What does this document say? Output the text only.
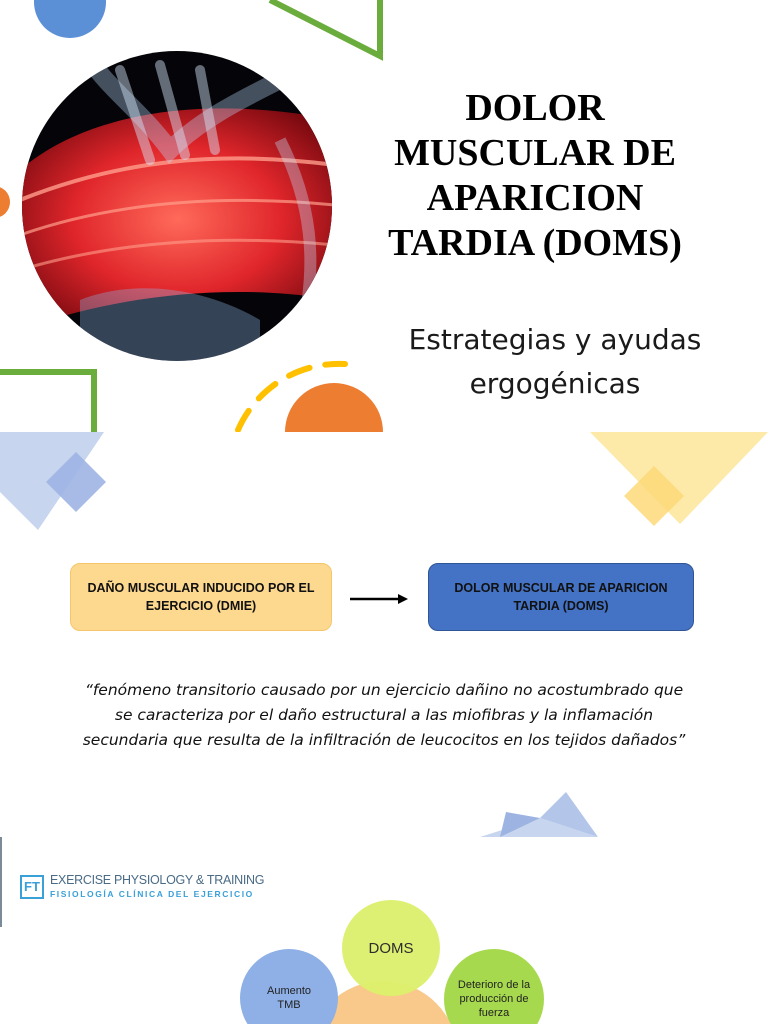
DOLOR MUSCULAR DE APARICION TARDIA (DOMS)
Estrategias y ayudas ergogénicas
DAÑO MUSCULAR INDUCIDO POR EL EJERCICIO (DMIE)
DOLOR MUSCULAR DE APARICION TARDIA (DOMS)
“fenómeno transitorio causado por un ejercicio dañino no acostumbrado que se caracteriza por el daño estructural a las miofibras y la inflamación secundaria que resulta de la infiltración de leucocitos en los tejidos dañados”
FT EXERCISE PHYSIOLOGY & TRAINING
FISIOLOGÍA CLÍNICA DEL EJERCICIO
DOMS
Aumento TMB
Deterioro de la producción de fuerza
